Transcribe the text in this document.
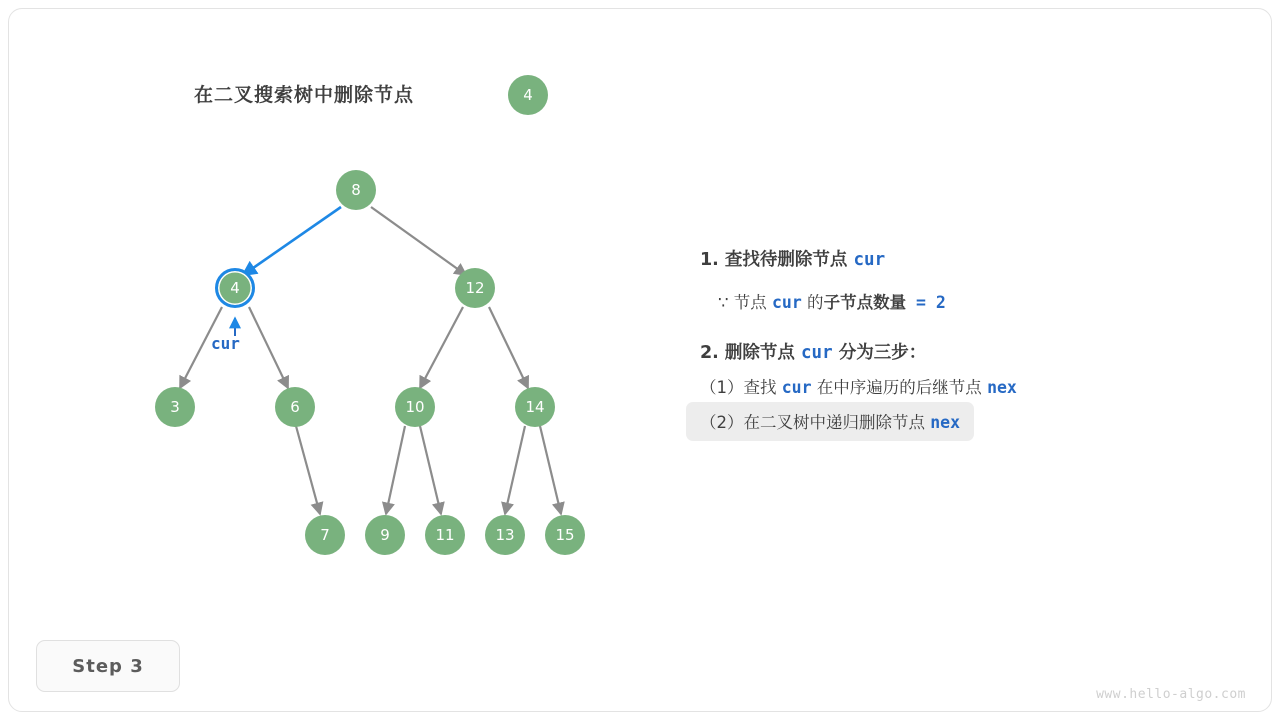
在二叉搜索树中删除节点	4
8
4	12
3	6	10	14
7	9	11	13	15
cur
1. 查找待删除节点 cur
∵ 节点 cur 的子节点数量 = 2
2. 删除节点 cur 分为三步：
（1）查找 cur 在中序遍历的后继节点 nex
（2）在二叉树中递归删除节点 nex
Step 3
www.hello-algo.com
